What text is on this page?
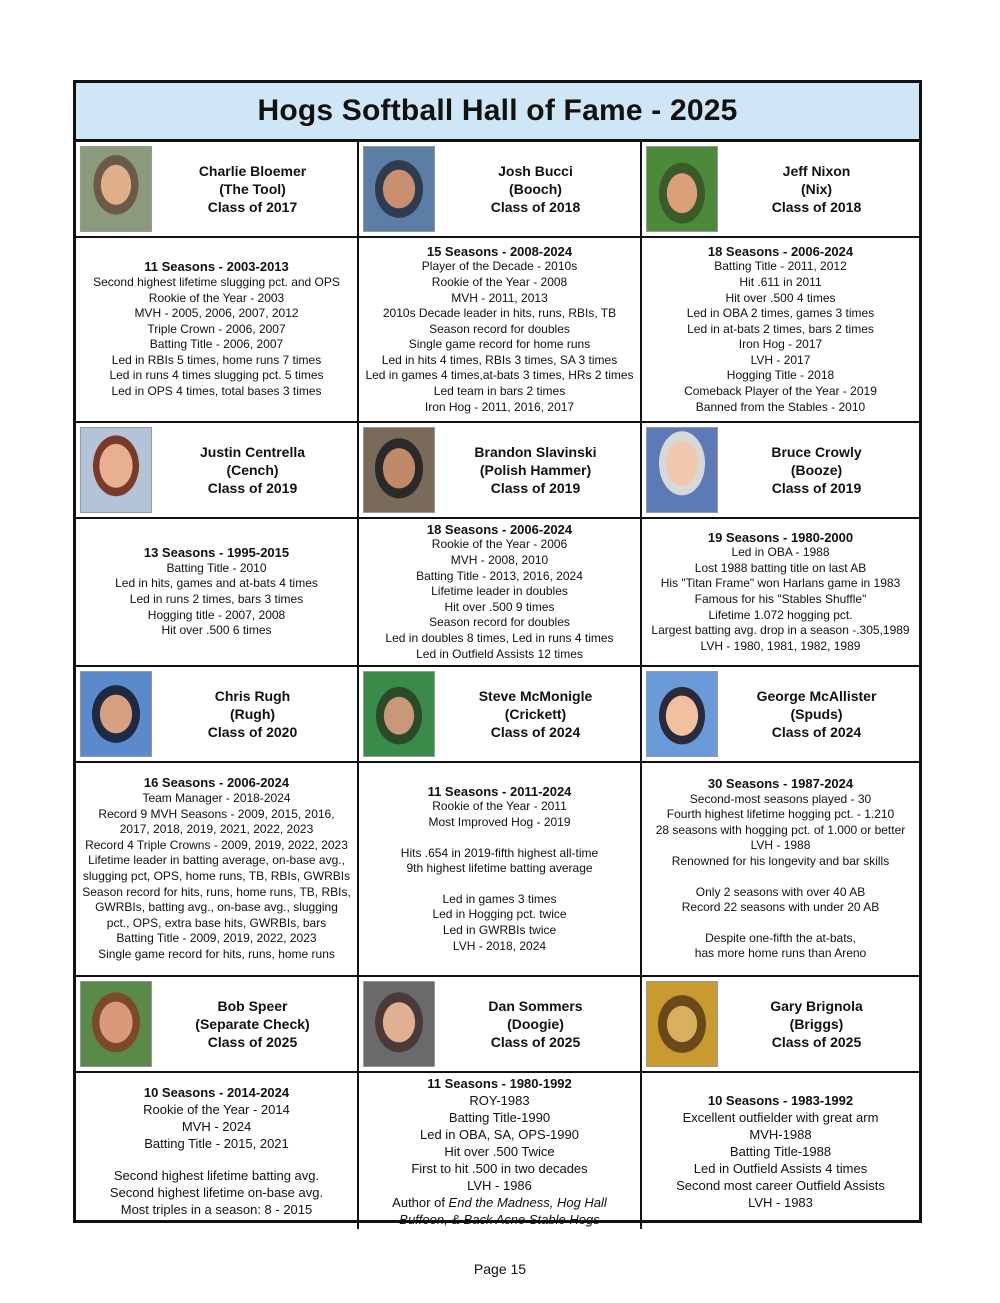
Hogs Softball Hall of Fame - 2025
Charlie Bloemer
(The Tool)
Class of 2017
Josh Bucci
(Booch)
Class of 2018
Jeff Nixon
(Nix)
Class of 2018
11 Seasons - 2003-2013
Second highest lifetime slugging pct. and OPS
Rookie of the Year - 2003
MVH - 2005, 2006, 2007, 2012
Triple Crown - 2006, 2007
Batting Title - 2006, 2007
Led in RBIs 5 times, home runs 7 times
Led in runs 4 times slugging pct. 5 times
Led in OPS 4 times, total bases 3 times
15 Seasons - 2008-2024
Player of the Decade - 2010s
Rookie of the Year - 2008
MVH - 2011, 2013
2010s Decade leader in hits, runs, RBIs, TB
Season record for doubles
Single game record for home runs
Led in hits 4 times, RBIs 3 times, SA 3 times
Led in games 4 times,at-bats 3 times, HRs 2 times
Led team in bars 2 times
Iron Hog - 2011, 2016, 2017
18 Seasons - 2006-2024
Batting Title - 2011, 2012
Hit .611 in 2011
Hit over .500 4 times
Led in OBA 2 times, games 3 times
Led in at-bats 2 times, bars 2 times
Iron Hog - 2017
LVH - 2017
Hogging Title - 2018
Comeback Player of the Year - 2019
Banned from the Stables - 2010
Justin Centrella
(Cench)
Class of 2019
Brandon Slavinski
(Polish Hammer)
Class of 2019
Bruce Crowly
(Booze)
Class of 2019
13 Seasons - 1995-2015
Batting Title - 2010
Led in hits, games and at-bats 4 times
Led in runs 2 times, bars 3 times
Hogging title - 2007, 2008
Hit over .500 6 times
18 Seasons - 2006-2024
Rookie of the Year - 2006
MVH - 2008, 2010
Batting Title - 2013, 2016, 2024
Lifetime leader in doubles
Hit over .500 9 times
Season record for doubles
Led in doubles 8 times, Led in runs 4 times
Led in Outfield Assists 12 times
19 Seasons - 1980-2000
Led in OBA - 1988
Lost 1988 batting title on last AB
His "Titan Frame" won Harlans game in 1983
Famous for his "Stables Shuffle"
Lifetime 1.072 hogging pct.
Largest batting avg. drop in a season -.305,1989
LVH - 1980, 1981, 1982, 1989
Chris Rugh
(Rugh)
Class of 2020
Steve McMonigle
(Crickett)
Class of 2024
George McAllister
(Spuds)
Class of 2024
16 Seasons - 2006-2024
Team Manager - 2018-2024
Record 9 MVH Seasons - 2009, 2015, 2016,
2017, 2018, 2019, 2021, 2022, 2023
Record 4 Triple Crowns - 2009, 2019, 2022, 2023
Lifetime leader in batting average, on-base avg.,
slugging pct, OPS, home runs, TB, RBIs, GWRBIs
Season record for hits, runs, home runs, TB, RBIs,
GWRBIs, batting avg., on-base avg., slugging
pct., OPS, extra base hits, GWRBIs, bars
Batting Title - 2009, 2019, 2022, 2023
Single game record for hits, runs, home runs
11 Seasons - 2011-2024
Rookie of the Year - 2011
Most Improved Hog - 2019
Hits .654 in 2019-fifth highest all-time
9th highest lifetime batting average
Led in games 3 times
Led in Hogging pct. twice
Led in GWRBIs twice
LVH - 2018, 2024
30 Seasons - 1987-2024
Second-most seasons played - 30
Fourth highest lifetime hogging pct. - 1.210
28 seasons with hogging pct. of 1.000 or better
LVH - 1988
Renowned for his longevity and bar skills
Only 2 seasons with over 40 AB
Record 22 seasons with under 20 AB
Despite one-fifth the at-bats,
has more home runs than Areno
Bob Speer
(Separate Check)
Class of 2025
Dan Sommers
(Doogie)
Class of 2025
Gary Brignola
(Briggs)
Class of 2025
10 Seasons - 2014-2024
Rookie of the Year - 2014
MVH - 2024
Batting Title - 2015, 2021
Second highest lifetime batting avg.
Second highest lifetime on-base avg.
Most triples in a season: 8 - 2015
11 Seasons - 1980-1992
ROY-1983
Batting Title-1990
Led in OBA, SA, OPS-1990
Hit over .500 Twice
First to hit .500 in two decades
LVH - 1986
Author of End the Madness, Hog Hall
Buffoon, & Back Acne Stable Hogs
10 Seasons - 1983-1992
Excellent outfielder with great arm
MVH-1988
Batting Title-1988
Led in Outfield Assists 4 times
Second most career Outfield Assists
LVH - 1983
Page 15
